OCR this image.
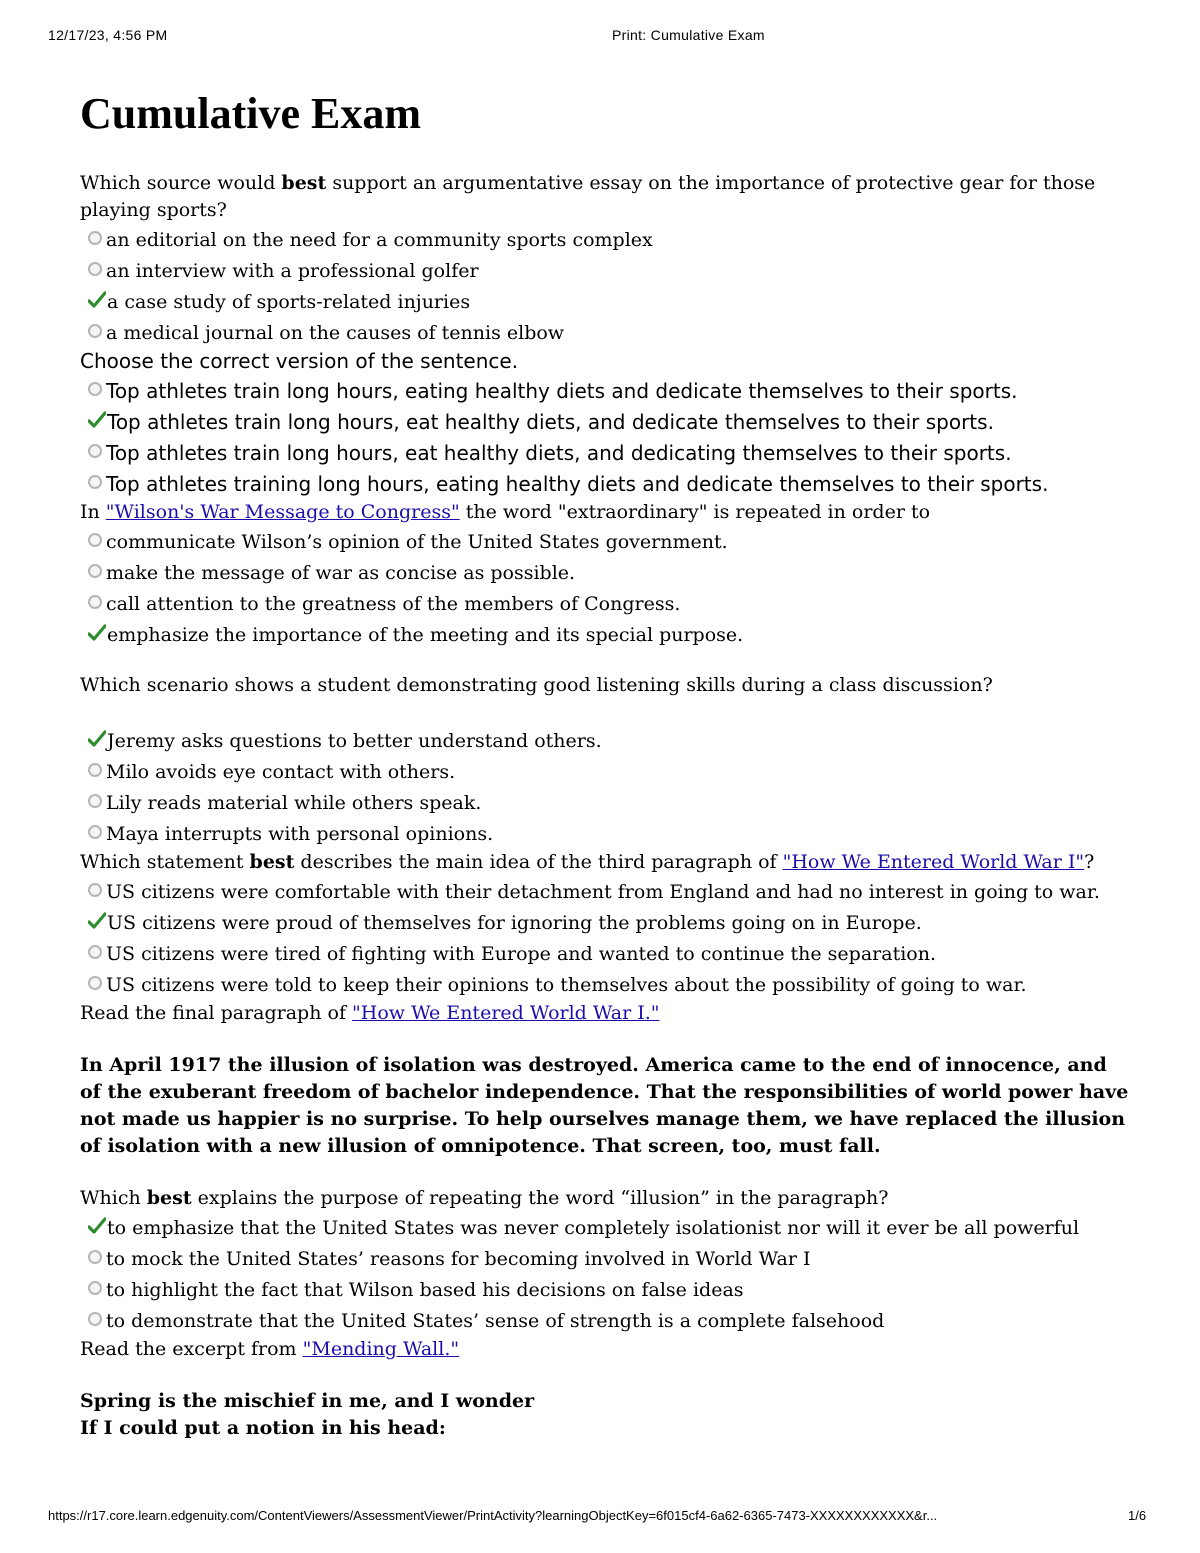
12/17/23, 4:56 PM	Print: Cumulative Exam
Cumulative Exam

Which source would best support an argumentative essay on the importance of protective gear for those playing sports?

an editorial on the need for a community sports complex
an interview with a professional golfer
a case study of sports-related injuries
a medical journal on the causes of tennis elbow

Choose the correct version of the sentence.

Top athletes train long hours, eating healthy diets and dedicate themselves to their sports.
Top athletes train long hours, eat healthy diets, and dedicate themselves to their sports.
Top athletes train long hours, eat healthy diets, and dedicating themselves to their sports.
Top athletes training long hours, eating healthy diets and dedicate themselves to their sports.

In "Wilson's War Message to Congress" the word "extraordinary" is repeated in order to

communicate Wilson’s opinion of the United States government.
make the message of war as concise as possible.
call attention to the greatness of the members of Congress.
emphasize the importance of the meeting and its special purpose.

Which scenario shows a student demonstrating good listening skills during a class discussion?

Jeremy asks questions to better understand others.
Milo avoids eye contact with others.
Lily reads material while others speak.
Maya interrupts with personal opinions.

Which statement best describes the main idea of the third paragraph of "How We Entered World War I"?

US citizens were comfortable with their detachment from England and had no interest in going to war.
US citizens were proud of themselves for ignoring the problems going on in Europe.
US citizens were tired of fighting with Europe and wanted to continue the separation.
US citizens were told to keep their opinions to themselves about the possibility of going to war.

Read the final paragraph of "How We Entered World War I."

In April 1917 the illusion of isolation was destroyed. America came to the end of innocence, and of the exuberant freedom of bachelor independence. That the responsibilities of world power have not made us happier is no surprise. To help ourselves manage them, we have replaced the illusion of isolation with a new illusion of omnipotence. That screen, too, must fall.

Which best explains the purpose of repeating the word “illusion” in the paragraph?

to emphasize that the United States was never completely isolationist nor will it ever be all powerful
to mock the United States’ reasons for becoming involved in World War I
to highlight the fact that Wilson based his decisions on false ideas
to demonstrate that the United States’ sense of strength is a complete falsehood

Read the excerpt from "Mending Wall."

Spring is the mischief in me, and I wonder

If I could put a notion in his head:

https://r17.core.learn.edgenuity.com/ContentViewers/AssessmentViewer/PrintActivity?learningObjectKey=6f015cf4-6a62-6365-7473-XXXXXXXXXXXX&r...	1/6
